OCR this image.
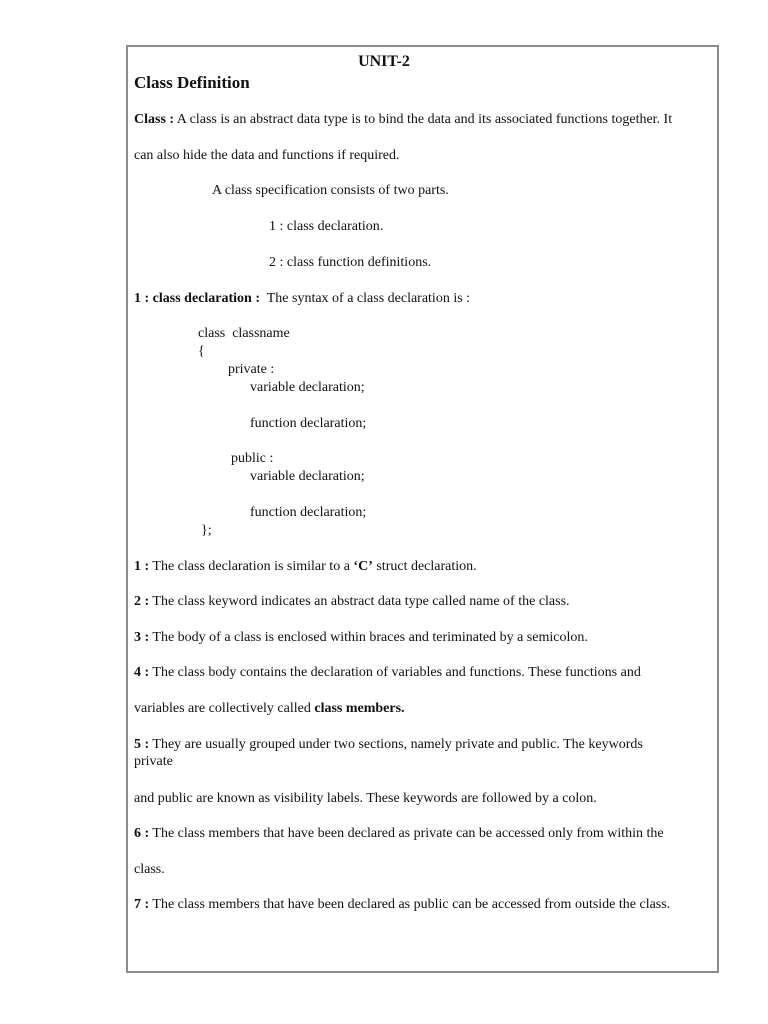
UNIT-2
Class Definition
Class : A class is an abstract data type is to bind the data and its associated functions together. It
can also hide the data and functions if required.
A class specification consists of two parts.
1 : class declaration.
2 : class function definitions.
1 : class declaration :  The syntax of a class declaration is :
class  classname
{
private :
variable declaration;
function declaration;
public :
variable declaration;
function declaration;
};
1 : The class declaration is similar to a ‘C’ struct declaration.
2 : The class keyword indicates an abstract data type called name of the class.
3 : The body of a class is enclosed within braces and teriminated by a semicolon.
4 : The class body contains the declaration of variables and functions. These functions and
variables are collectively called class members.
5 : They are usually grouped under two sections, namely private and public. The keywords
private
and public are known as visibility labels. These keywords are followed by a colon.
6 : The class members that have been declared as private can be accessed only from within the
class.
7 : The class members that have been declared as public can be accessed from outside the class.
